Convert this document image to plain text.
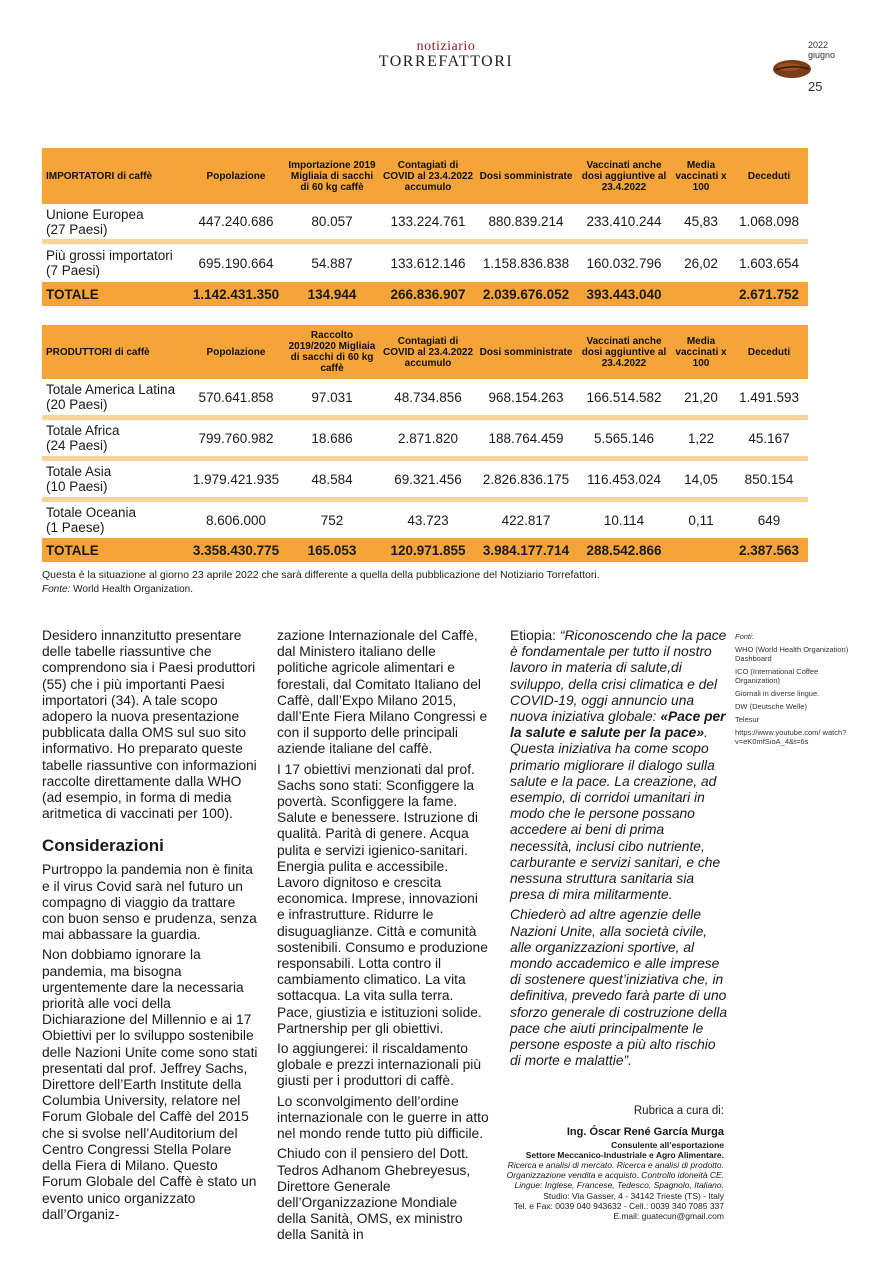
notiziario
TORREFATTORI
2022
giugno
25
IMPORTATORI di caffè	Popolazione	Importazione 2019 Migliaia di sacchi di 60 kg caffè	Contagiati di COVID al 23.4.2022 accumulo	Dosi somministrate	Vaccinati anche dosi aggiuntive al 23.4.2022	Media vaccinati x 100	Deceduti
Unione Europea
(27 Paesi)	447.240.686	80.057	133.224.761	880.839.214	233.410.244	45,83	1.068.098

Più grossi importatori
(7 Paesi)	695.190.664	54.887	133.612.146	1.158.836.838	160.032.796	26,02	1.603.654
TOTALE	1.142.431.350	134.944	266.836.907	2.039.676.052	393.443.040		2.671.752
PRODUTTORI di caffè	Popolazione	Raccolto 2019/2020 Migliaia di sacchi di 60 kg caffè	Contagiati di COVID al 23.4.2022 accumulo	Dosi somministrate	Vaccinati anche dosi aggiuntive al 23.4.2022	Media vaccinati x 100	Deceduti
Totale America Latina
(20 Paesi)	570.641.858	97.031	48.734.856	968.154.263	166.514.582	21,20	1.491.593

Totale Africa
(24 Paesi)	799.760.982	18.686	2.871.820	188.764.459	5.565.146	1,22	45.167

Totale Asia
(10 Paesi)	1.979.421.935	48.584	69.321.456	2.826.836.175	116.453.024	14,05	850.154

Totale Oceania
(1 Paese)	8.606.000	752	43.723	422.817	10.114	0,11	649
TOTALE	3.358.430.775	165.053	120.971.855	3.984.177.714	288.542.866		2.387.563
Questa è la situazione al giorno 23 aprile 2022 che sarà differente a quella della pubblicazione del Notiziario Torrefattori.
Fonte: World Health Organization.

Desidero innanzitutto presentare delle tabelle riassuntive che comprendono sia i Paesi produttori (55) che i più importanti Paesi importatori (34). A tale scopo adopero la nuova presentazione pubblicata dalla OMS sul suo sito informativo. Ho preparato queste tabelle riassuntive con informazioni raccolte direttamente dalla WHO (ad esempio, in forma di media aritmetica di vaccinati per 100).

Considerazioni

Purtroppo la pandemia non è finita e il virus Covid sarà nel futuro un compagno di viaggio da trattare con buon senso e prudenza, senza mai abbassare la guardia.

Non dobbiamo ignorare la pandemia, ma bisogna urgentemente dare la necessaria priorità alle voci della Dichiarazione del Millennio e ai 17 Obiettivi per lo sviluppo sostenibile delle Nazioni Unite come sono stati presentati dal prof. Jeffrey Sachs, Direttore dell’Earth Institute della Columbia University, relatore nel Forum Globale del Caffè del 2015 che si svolse nell’Auditorium del Centro Congressi Stella Polare della Fiera di Milano. Questo Forum Globale del Caffè è stato un evento unico organizzato dall’Organiz-

zazione Internazionale del Caffè, dal Ministero italiano delle politiche agricole alimentari e forestali, dal Comitato Italiano del Caffè, dall’Expo Milano 2015, dall’Ente Fiera Milano Congressi e con il supporto delle principali aziende italiane del caffè.

I 17 obiettivi menzionati dal prof. Sachs sono stati: Sconfiggere la povertà. Sconfiggere la fame. Salute e benessere. Istruzione di qualità. Parità di genere. Acqua pulita e servizi igienico-sanitari. Energia pulita e accessibile. Lavoro dignitoso e crescita economica. Imprese, innovazioni e infrastrutture. Ridurre le disuguaglianze. Città e comunità sostenibili. Consumo e produzione responsabili. Lotta contro il cambiamento climatico. La vita sottacqua. La vita sulla terra. Pace, giustizia e istituzioni solide. Partnership per gli obiettivi.

Io aggiungerei: il riscaldamento globale e prezzi internazionali più giusti per i produttori di caffè.

Lo sconvolgimento dell’ordine internazionale con le guerre in atto nel mondo rende tutto più difficile.

Chiudo con il pensiero del Dott. Tedros Adhanom Ghebreyesus, Direttore Generale dell’Organizzazione Mondiale della Sanità, OMS, ex ministro della Sanità in

Etiopia: “Riconoscendo che la pace è fondamentale per tutto il nostro lavoro in materia di salute,di sviluppo, della crisi climatica e del COVID-19, oggi annuncio una nuova iniziativa globale: «Pace per la salute e salute per la pace». Questa iniziativa ha come scopo primario migliorare il dialogo sulla salute e la pace. La creazione, ad esempio, di corridoi umanitari in modo che le persone possano accedere ai beni di prima necessità, inclusi cibo nutriente, carburante e servizi sanitari, e che nessuna struttura sanitaria sia presa di mira militarmente.

Chiederò ad altre agenzie delle Nazioni Unite, alla società civile, alle organizzazioni sportive, al mondo accademico e alle imprese di sostenere quest’iniziativa che, in definitiva, prevedo farà parte di uno sforzo generale di costruzione della pace che aiuti principalmente le persone esposte a più alto rischio di morte e malattie”.

Fonti:

WHO (World Health Organization) Dashboard

ICO (International Coffee Organization)

Giornali in diverse lingue.

DW (Deutsche Welle)

Telesur

https://www.youtube.com/ watch?v=eK0mfSioA_4&t=6s

Rubrica a cura di:
Ing. Óscar René García Murga
Consulente all’esportazione
Settore Meccanico-Industriale e Agro Alimentare.
Ricerca e analisi di mercato. Ricerca e analisi di prodotto.
Organizzazione vendita e acquisto. Controllo idoneità CE.
Lingue: Inglese, Francese, Tedesco, Spagnolo, Italiano.
Studio: Via Gasser, 4 - 34142 Trieste (TS) - Italy
Tel. e Fax: 0039 040 943632 - Cell.: 0039 340 7085 337
E.mail: guatecun@gmail.com
